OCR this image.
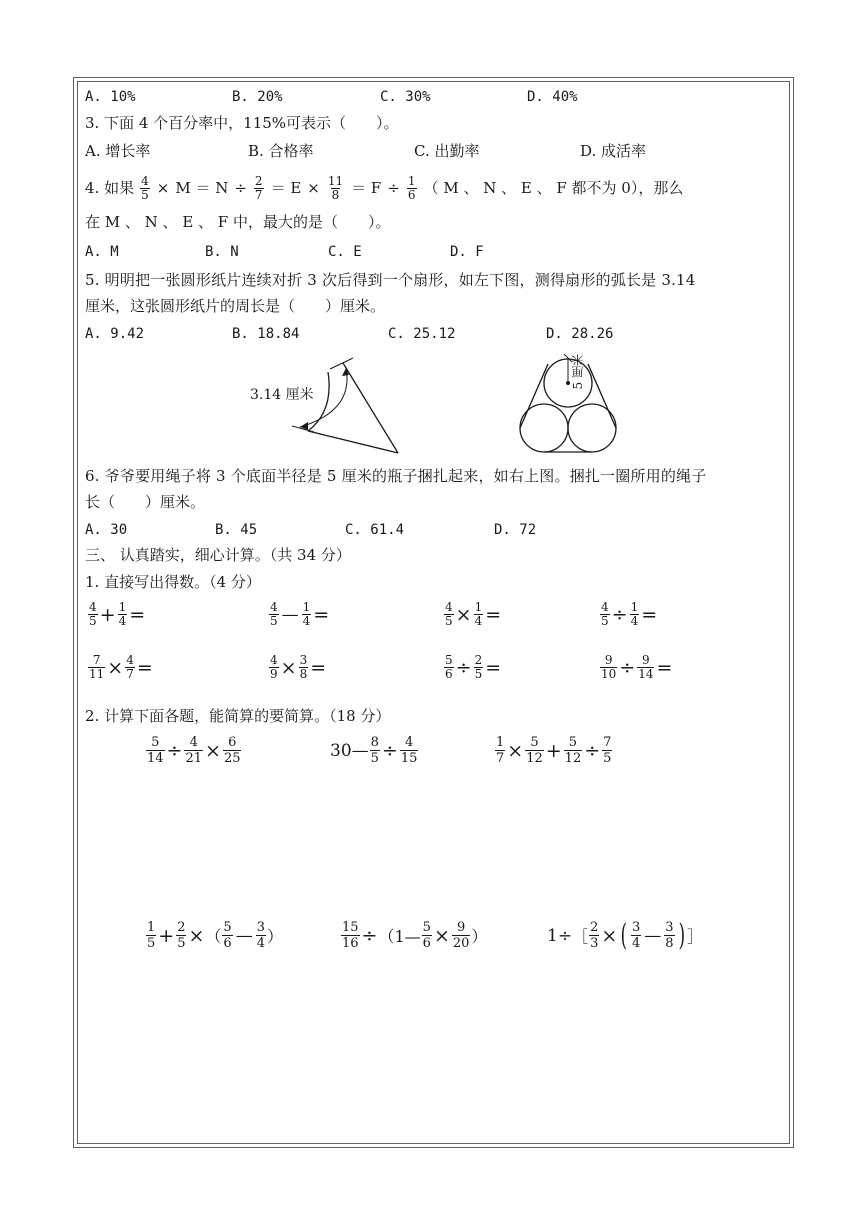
A. 10%	B. 20%	C. 30%	D. 40%
3. 下面 4 个百分率中，115%可表示（　　）。
A. 增长率	B. 合格率	C. 出勤率	D. 成活率
4. 如果 $\frac{4}{5} \times M = N \div \frac{2}{7} = E \times \frac{11}{8} = F \div \frac{1}{6}$ （ M 、 N 、 E 、 F 都不为 0），那么
在 M 、 N 、 E 、 F 中，最大的是（　　）。
A. M	B. N	C. E	D. F
5. 明明把一张圆形纸片连续对折 3 次后得到一个扇形，如左下图，测得扇形的弧长是 3.14
厘米，这张圆形纸片的周长是（　　）厘米。
A. 9.42	B. 18.84	C. 25.12	D. 28.26
3.14 厘米
5 厘米
6. 爷爷要用绳子将 3 个底面半径是 5 厘米的瓶子捆扎起来，如右上图。捆扎一圈所用的绳子
长（　　）厘米。
A. 30	B. 45	C. 61.4	D. 72
三、 认真踏实，细心计算。（共 34 分）
1. 直接写出得数。（4 分）
$\frac{4}{5} + \frac{1}{4}$ =	$\frac{4}{5}$ — $\frac{1}{4}$ =	$\frac{4}{5} \times \frac{1}{4}$ =	$\frac{4}{5} \div \frac{1}{4}$ =
$\frac{7}{11} \times \frac{4}{7}$ =	$\frac{4}{9} \times \frac{3}{8}$ =	$\frac{5}{6} \div \frac{2}{5}$ =	$\frac{9}{10} \div \frac{9}{14}$ =
2. 计算下面各题，能简算的要简算。（18 分）
$\frac{5}{14} \div \frac{4}{21} \times \frac{6}{25}$	30— $\frac{8}{5} \div \frac{4}{15}$	$\frac{1}{7} \times \frac{5}{12} + \frac{5}{12} \div \frac{7}{5}$
$\frac{1}{5} + \frac{2}{5}$ × （ $\frac{5}{6}$ — $\frac{3}{4}$ ）	$\frac{15}{16}$ ÷ （1— $\frac{5}{6} \times \frac{9}{20}$ ）	1÷ ［ $\frac{2}{3}$ × ( $\frac{3}{4}$ — $\frac{3}{8}$ ) ］
